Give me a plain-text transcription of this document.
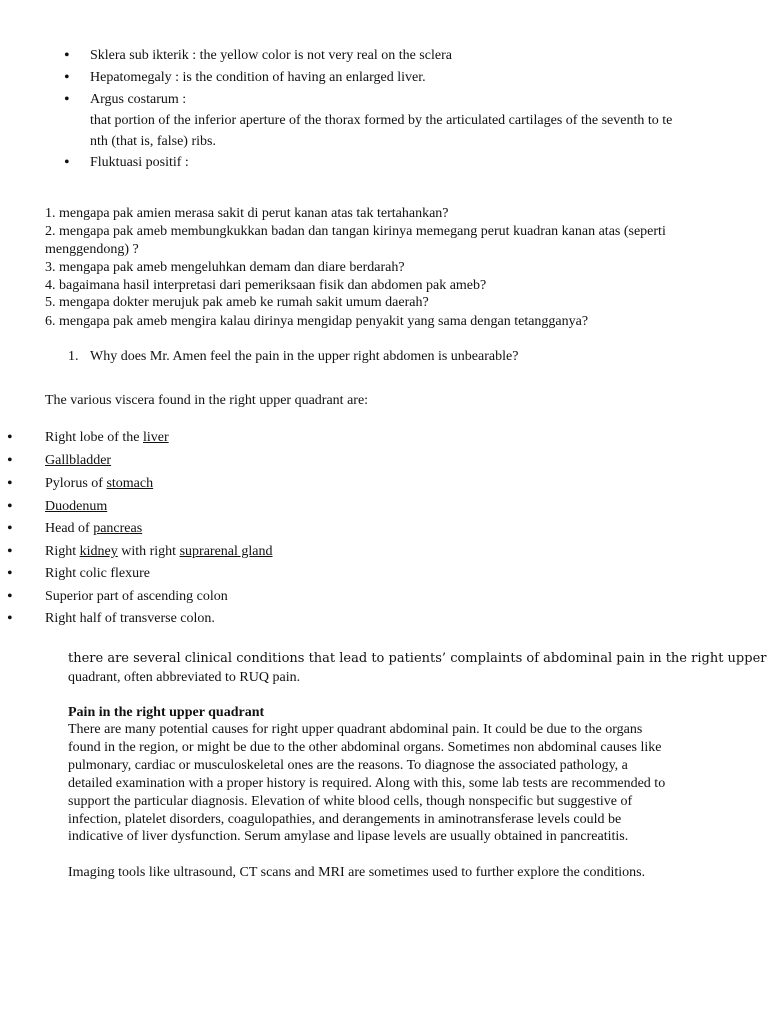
• Sklera sub ikterik : the yellow color is not very real on the sclera
• Hepatomegaly : is the condition of having an enlarged liver.
• Argus costarum :
that portion of the inferior aperture of the thorax formed by the articulated cartilages of the seventh to te
nth (that is, false) ribs.
• Fluktuasi positif :
1. mengapa pak amien merasa sakit di perut kanan atas tak tertahankan?
2. mengapa pak ameb membungkukkan badan dan tangan kirinya memegang perut kuadran kanan atas (seperti
menggendong) ?
3. mengapa pak ameb mengeluhkan demam dan diare berdarah?
4. bagaimana hasil interpretasi dari pemeriksaan fisik dan abdomen pak ameb?
5. mengapa dokter merujuk pak ameb ke rumah sakit umum daerah?
6. mengapa pak ameb mengira kalau dirinya mengidap penyakit yang sama dengan tetangganya?
1. Why does Mr. Amen feel the pain in the upper right abdomen is unbearable?
The various viscera found in the right upper quadrant are:
• Right lobe of the liver
• Gallbladder
• Pylorus of stomach
• Duodenum
• Head of pancreas
• Right kidney with right suprarenal gland
• Right colic flexure
• Superior part of ascending colon
• Right half of transverse colon.
there are several clinical conditions that lead to patients’ complaints of abdominal pain in the right upper
quadrant, often abbreviated to RUQ pain.
Pain in the right upper quadrant
There are many potential causes for right upper quadrant abdominal pain. It could be due to the organs
found in the region, or might be due to the other abdominal organs. Sometimes non abdominal causes like
pulmonary, cardiac or musculoskeletal ones are the reasons. To diagnose the associated pathology, a
detailed examination with a proper history is required. Along with this, some lab tests are recommended to
support the particular diagnosis. Elevation of white blood cells, though nonspecific but suggestive of
infection, platelet disorders, coagulopathies, and derangements in aminotransferase levels could be
indicative of liver dysfunction. Serum amylase and lipase levels are usually obtained in pancreatitis.
Imaging tools like ultrasound, CT scans and MRI are sometimes used to further explore the conditions.
